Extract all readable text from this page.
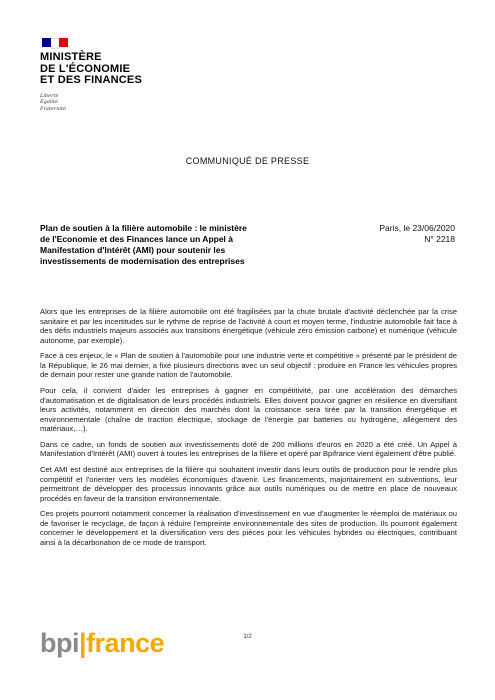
MINISTÈRE
DE L'ÉCONOMIE
ET DES FINANCES
Liberté
Égalité
Fraternité
COMMUNIQUÉ DE PRESSE
Plan de soutien à la filière automobile : le ministère
de l'Economie et des Finances lance un Appel à
Manifestation d'Intérêt (AMI) pour soutenir les
investissements de modernisation des entreprises
Paris, le 23/06/2020
N° 2218

Alors que les entreprises de la filière automobile ont été fragilisées par la chute brutale d'activité déclenchée par la crise sanitaire et par les incertitudes sur le rythme de reprise de l'activité à court et moyen terme, l'industrie automobile fait face à des défis industriels majeurs associés aux transitions énergétique (véhicule zéro émission carbone) et numérique (véhicule autonome, par exemple).

Face à ces enjeux, le « Plan de soutien à l'automobile pour une industrie verte et compétitive » présenté par le président de la République, le 26 mai dernier, a fixé plusieurs directions avec un seul objectif : produire en France les véhicules propres de demain pour rester une grande nation de l'automobile.

Pour cela, il convient d'aider les entreprises à gagner en compétitivité, par une accélération des démarches d'automatisation et de digitalisation de leurs procédés industriels. Elles doivent pouvoir gagner en résilience en diversifiant leurs activités, notamment en direction des marchés dont la croissance sera tirée par la transition énergétique et environnementale (chaîne de traction électrique, stockage de l'énergie par batteries ou hydrogène, allègement des matériaux,…).

Dans ce cadre, un fonds de soutien aux investissements doté de 200 millions d'euros en 2020 a été créé. Un Appel à Manifestation d'Intérêt (AMI) ouvert à toutes les entreprises de la filière et opéré par Bpifrance vient également d'être publié.

Cet AMI est destiné aux entreprises de la filière qui souhaitent investir dans leurs outils de production pour le rendre plus compétitif et l'orienter vers les modèles économiques d'avenir. Les financements, majoritairement en subventions, leur permettront de développer des processus innovants grâce aux outils numériques ou de mettre en place de nouveaux procédés en faveur de la transition environnementale.

Ces projets pourront notamment concerner la réalisation d'investissement en vue d'augmenter le réemploi de matériaux ou de favoriser le recyclage, de façon à réduire l'empreinte environnementale des sites de production. Ils pourront également concerner le développement et la diversification vers des pièces pour les véhicules hybrides ou électriques, contribuant ainsi à la décarbonation de ce mode de transport.

bpi|france	1/2
